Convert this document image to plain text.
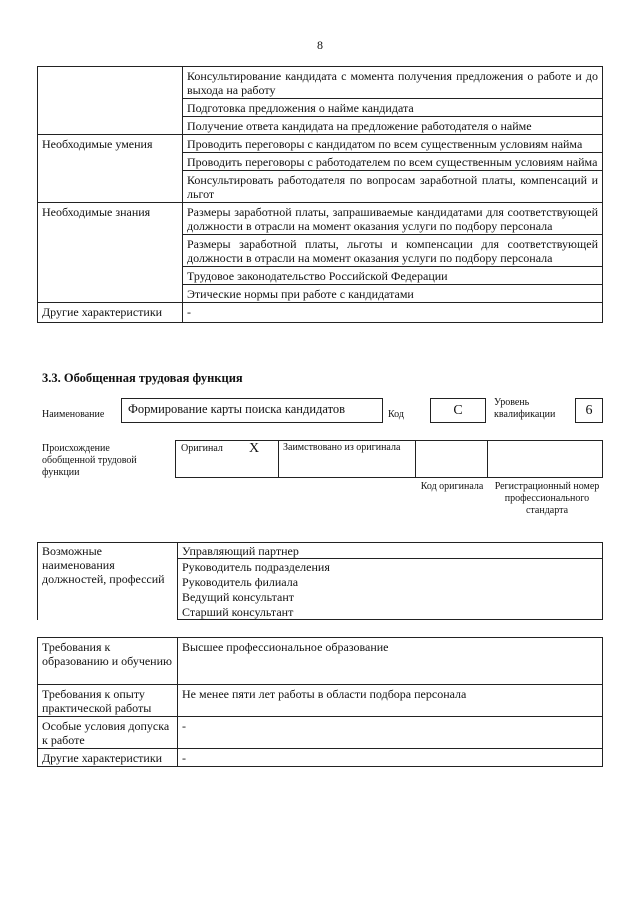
8
	Консультирование кандидата с момента получения предложения о работе и до выхода на работу
	Подготовка предложения о найме кандидата
	Получение ответа кандидата на предложение работодателя о найме
Необходимые умения	Проводить переговоры с кандидатом по всем существенным условиям найма
	Проводить переговоры с работодателем по всем существенным условиям найма
	Консультировать работодателя по вопросам заработной платы, компенсаций и льгот
Необходимые знания	Размеры заработной платы, запрашиваемые кандидатами для соответствующей должности в отрасли на момент оказания услуги по подбору персонала
	Размеры заработной платы, льготы и компенсации для соответствующей должности в отрасли на момент оказания услуги по подбору персонала
	Трудовое законодательство Российской Федерации
	Этические нормы при работе с кандидатами
Другие характеристики	-
3.3. Обобщенная трудовая функция
Наименование	Формирование карты поиска кандидатов	Код	C
Уровень квалификации	6
Происхождение обобщенной трудовой функции
Оригинал X Заимствовано из оригинала
Код оригинала	Регистрационный номер профессионального стандарта
Возможные наименования должностей, профессий	Управляющий партнер
Руководитель подразделения
Руководитель филиала
Ведущий консультант
Старший консультант
Требования к образованию и обучению	Высшее профессиональное образование
Требования к опыту практической работы	Не менее пяти лет работы в области подбора персонала
Особые условия допуска к работе	-
Другие характеристики	-
